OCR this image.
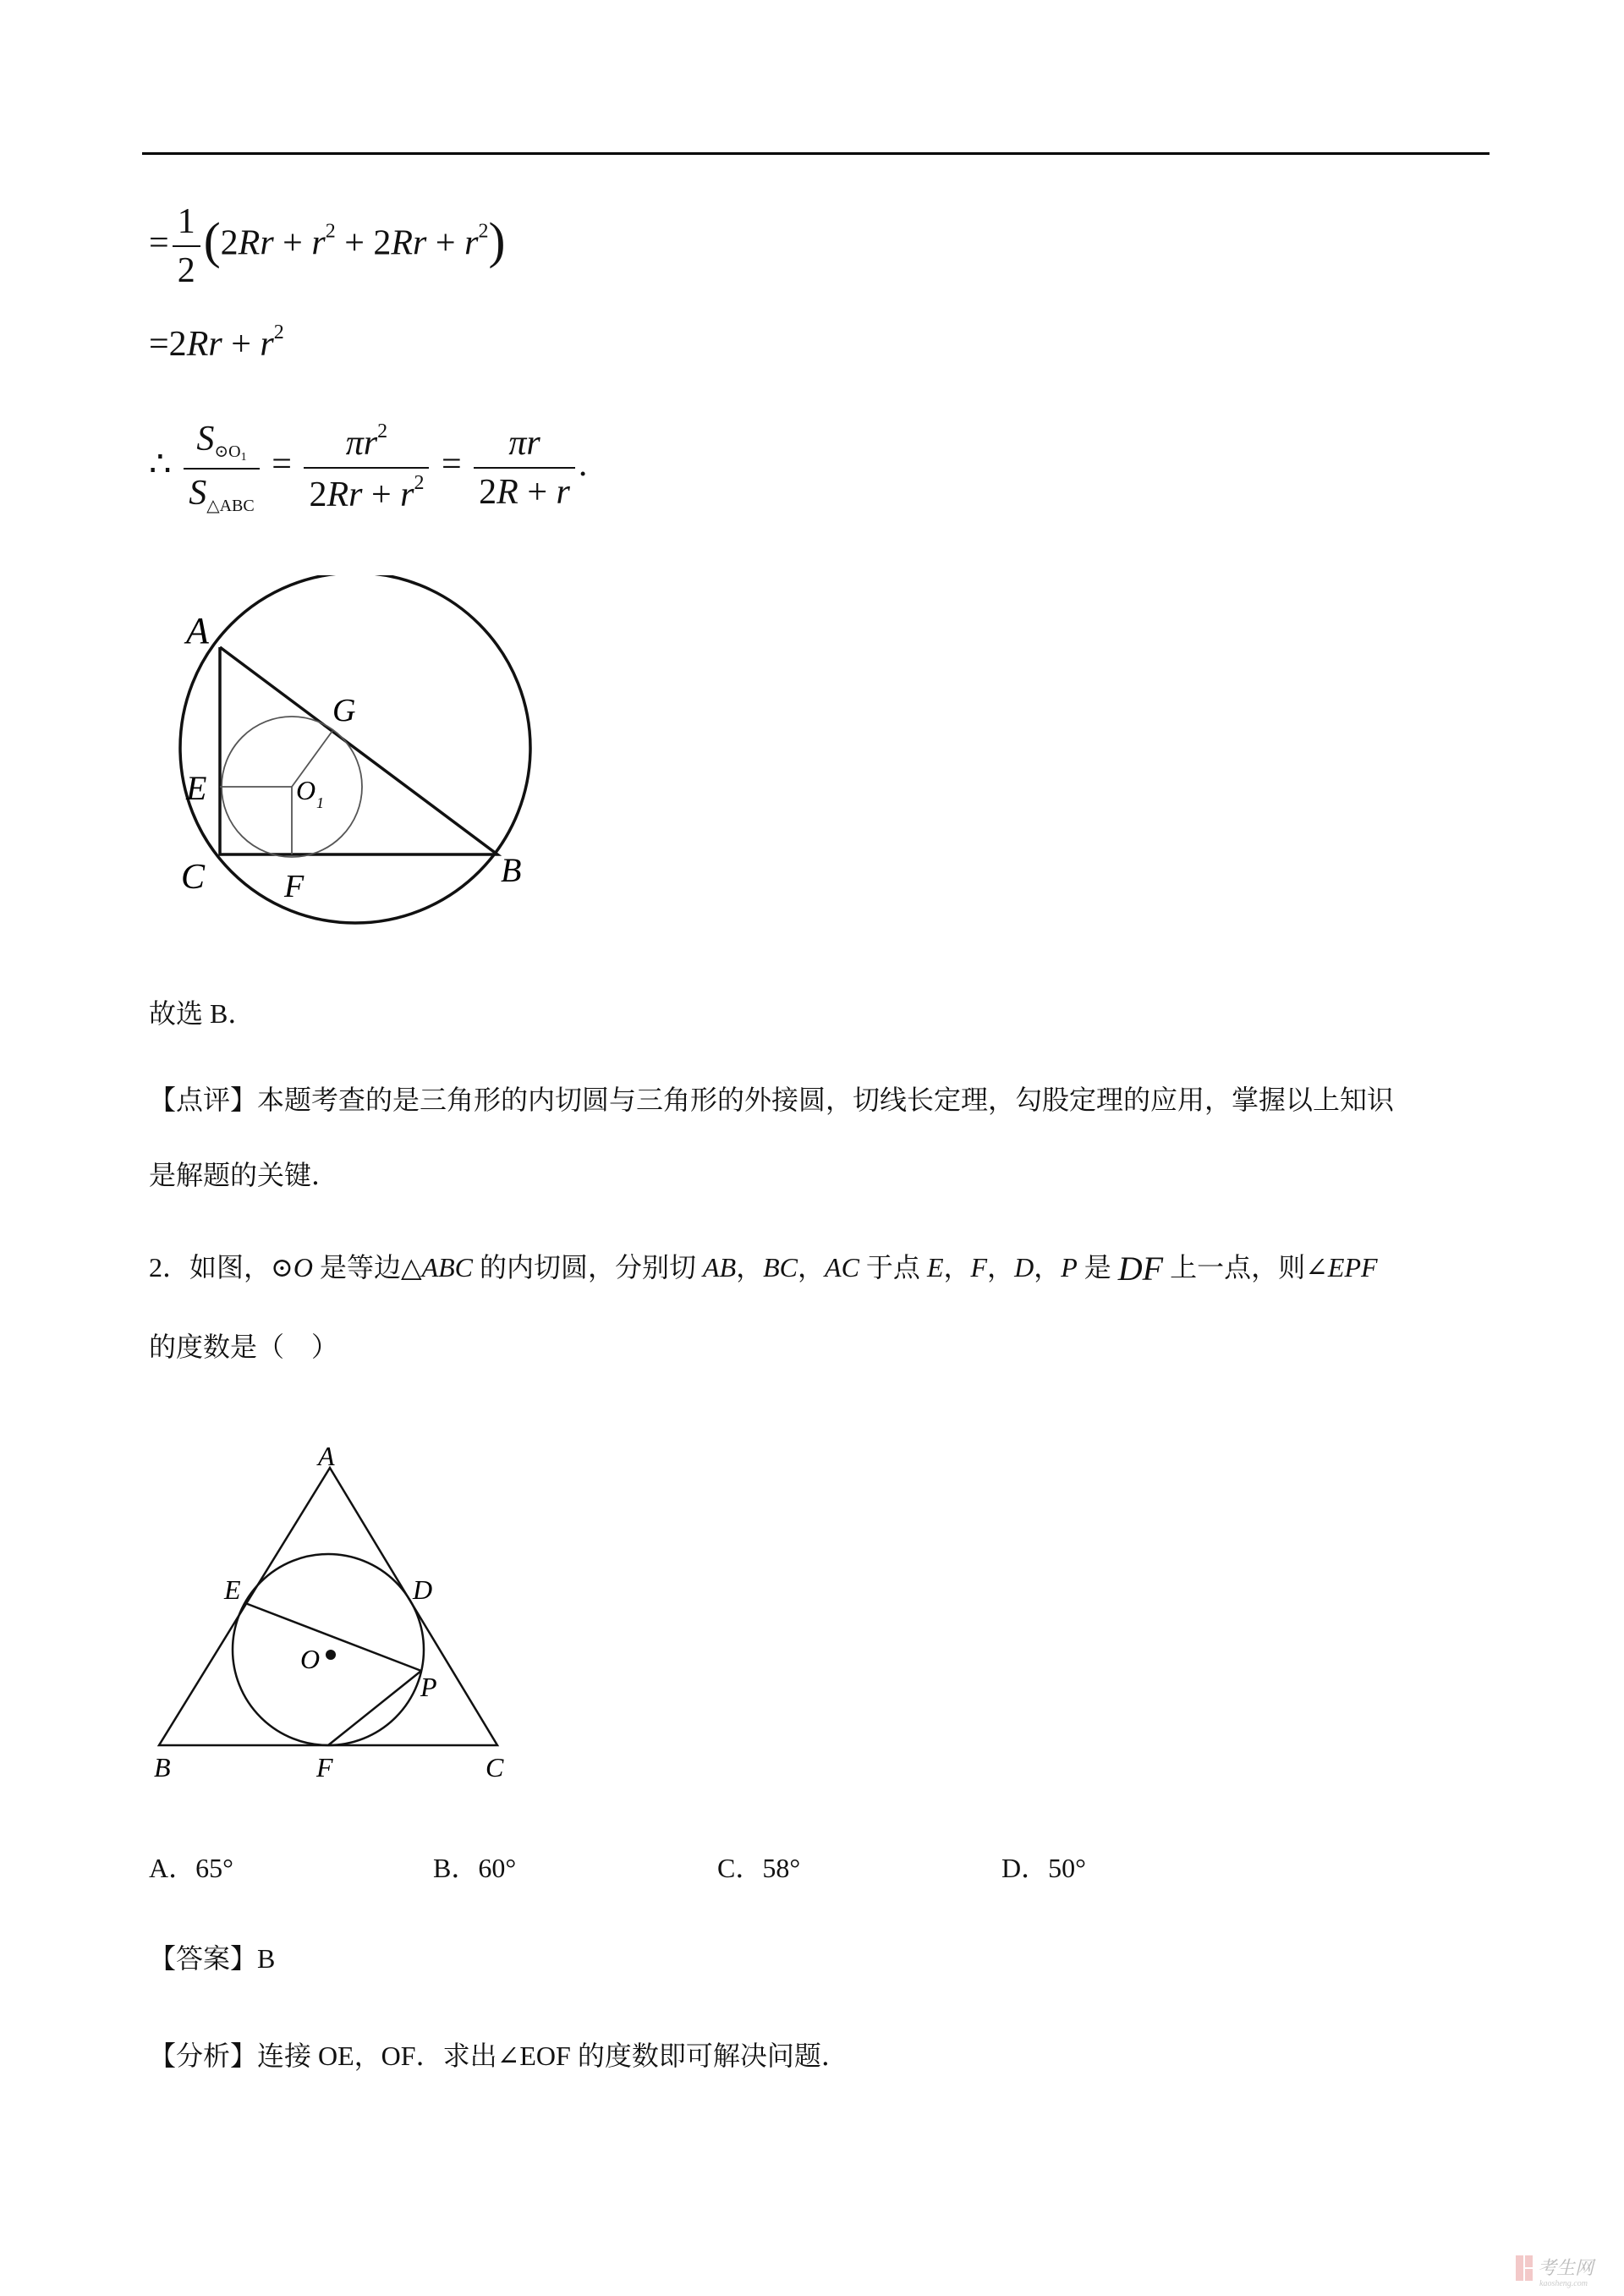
= $\frac{1}{2} (2Rr + r^2 + 2Rr + r^2)$
$=2Rr + r^2$
∴ $\frac{S_{⊙O1}}{S_{\triangle ABC}} = \frac{\pi r^2}{2Rr + r^2} = \frac{\pi r}{2R + r}$ .
A
G
E	O 1
C F	B
故选 B．
【点评】本题考查的是三角形的内切圆与三角形的外接圆，切线长定理，勾股定理的应用，掌握以上知识
是解题的关键．
2．如图，⊙O 是等边△ABC 的内切圆，分别切 AB，BC，AC 于点 E，F，D，P 是 DF 上一点，则∠EPF
的度数是（　）
A
E	D
O
P
B	F	C
A．65°	B．60°	C．58°	D．50°
【答案】B
【分析】连接 OE，OF．求出∠EOF 的度数即可解决问题．
考生网
kaosheng.com
